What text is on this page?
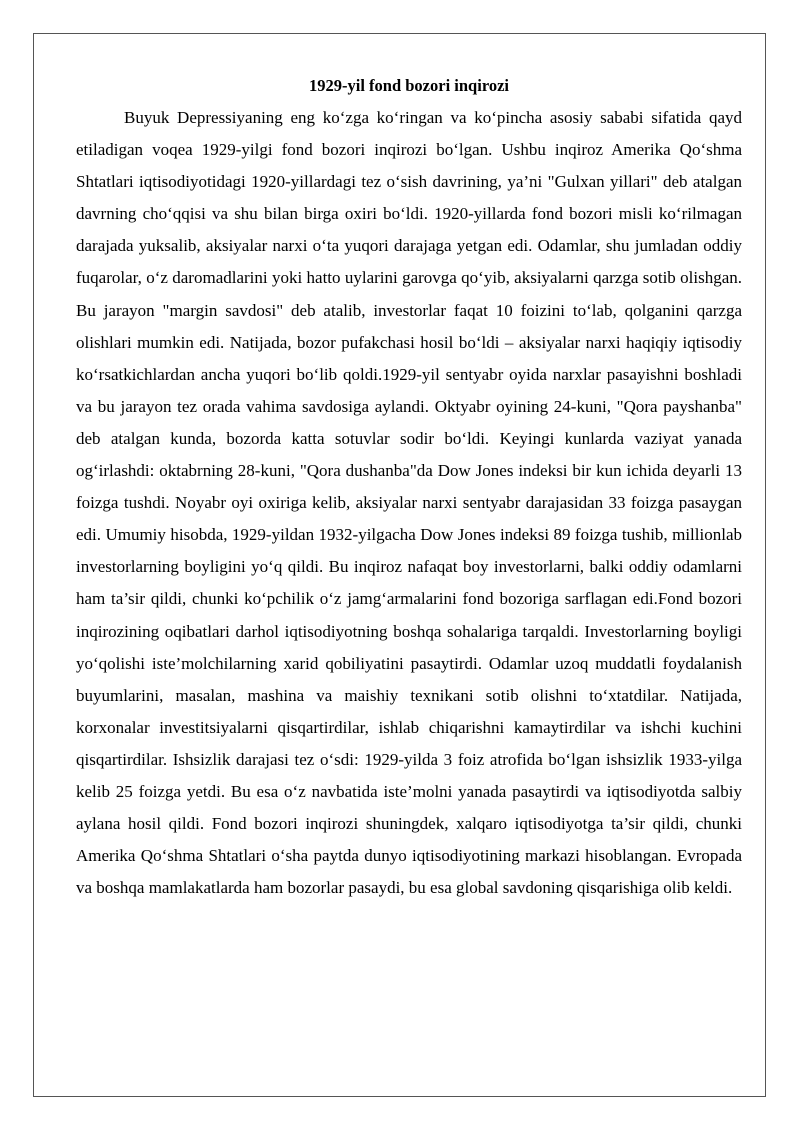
1929-yil fond bozori inqirozi

Buyuk Depressiyaning eng ko‘zga ko‘ringan va ko‘pincha asosiy sababi sifatida qayd etiladigan voqea 1929-yilgi fond bozori inqirozi bo‘lgan. Ushbu inqiroz Amerika Qo‘shma Shtatlari iqtisodiyotidagi 1920-yillardagi tez o‘sish davrining, ya’ni "Gulxan yillari" deb atalgan davrning cho‘qqisi va shu bilan birga oxiri bo‘ldi. 1920-yillarda fond bozori misli ko‘rilmagan darajada yuksalib, aksiyalar narxi o‘ta yuqori darajaga yetgan edi. Odamlar, shu jumladan oddiy fuqarolar, o‘z daromadlarini yoki hatto uylarini garovga qo‘yib, aksiyalarni qarzga sotib olishgan. Bu jarayon "margin savdosi" deb atalib, investorlar faqat 10 foizini to‘lab, qolganini qarzga olishlari mumkin edi. Natijada, bozor pufakchasi hosil bo‘ldi – aksiyalar narxi haqiqiy iqtisodiy ko‘rsatkichlardan ancha yuqori bo‘lib qoldi.1929-yil sentyabr oyida narxlar pasayishni boshladi va bu jarayon tez orada vahima savdosiga aylandi. Oktyabr oyining 24-kuni, "Qora payshanba" deb atalgan kunda, bozorda katta sotuvlar sodir bo‘ldi. Keyingi kunlarda vaziyat yanada og‘irlashdi: oktabrning 28-kuni, "Qora dushanba"da Dow Jones indeksi bir kun ichida deyarli 13 foizga tushdi. Noyabr oyi oxiriga kelib, aksiyalar narxi sentyabr darajasidan 33 foizga pasaygan edi. Umumiy hisobda, 1929-yildan 1932-yilgacha Dow Jones indeksi 89 foizga tushib, millionlab investorlarning boyligini yo‘q qildi. Bu inqiroz nafaqat boy investorlarni, balki oddiy odamlarni ham ta’sir qildi, chunki ko‘pchilik o‘z jamg‘armalarini fond bozoriga sarflagan edi.Fond bozori inqirozining oqibatlari darhol iqtisodiyotning boshqa sohalariga tarqaldi. Investorlarning boyligi yo‘qolishi iste’molchilarning xarid qobiliyatini pasaytirdi. Odamlar uzoq muddatli foydalanish buyumlarini, masalan, mashina va maishiy texnikani sotib olishni to‘xtatdilar. Natijada, korxonalar investitsiyalarni qisqartirdilar, ishlab chiqarishni kamaytirdilar va ishchi kuchini qisqartirdilar. Ishsizlik darajasi tez o‘sdi: 1929-yilda 3 foiz atrofida bo‘lgan ishsizlik 1933-yilga kelib 25 foizga yetdi. Bu esa o‘z navbatida iste’molni yanada pasaytirdi va iqtisodiyotda salbiy aylana hosil qildi. Fond bozori inqirozi shuningdek, xalqaro iqtisodiyotga ta’sir qildi, chunki Amerika Qo‘shma Shtatlari o‘sha paytda dunyo iqtisodiyotining markazi hisoblangan. Evropada va boshqa mamlakatlarda ham bozorlar pasaydi, bu esa global savdoning qisqarishiga olib keldi.
